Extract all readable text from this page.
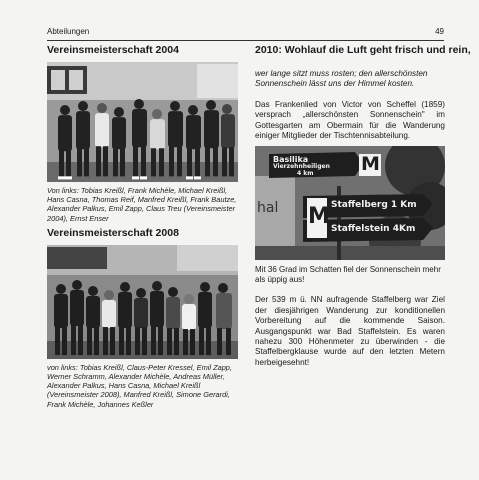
Abteilungen	49
Vereinsmeisterschaft 2004

Von links: Tobias Kreißl, Frank Michèle, Michael Kreißl, Hans Casna, Thomas Reif, Manfred Kreißl, Frank Bautze, Alexander Palkus, Emil Zapp, Claus Treu (Vereinsmeister 2004), Ernst Enser

Vereinsmeisterschaft 2008

von links: Tobias Kreißl, Claus-Peter Kressel, Emil Zapp, Werner Schramm, Alexander Michèle, Andreas Müller, Alexander Palkus, Hans Casna, Michael Kreißl (Vereinsmeister 2008), Manfred Kreißl, Simone Gerardi, Frank Michèle, Johannes Keßler

2010: Wohlauf die Luft geht frisch und rein,

wer lange sitzt muss rosten; den allerschönsten Sonnenschein lässt uns der Himmel kosten.

Das Frankenlied von Victor von Scheffel (1859) versprach „allerschönsten Sonnenschein" im Gottesgarten am Obermain für die Wanderung einiger Mitglieder der Tischtennisabteilung.

Basilika
Vierzehnheiligen
4 km M
M Staffelberg 1 Km
Staffelstein 4Km
hal

Mit 36 Grad im Schatten fiel der Sonnenschein mehr als üppig aus!

Der 539 m ü. NN aufragende Staffelberg war Ziel der diesjährigen Wanderung zur konditionellen Vorbereitung auf die kommende Saison. Ausgangspunkt war Bad Staffelstein. Es waren nahezu 300 Höhenmeter zu überwinden - die Staffelbergklause wurde auf den letzten Metern herbeigesehnt!
